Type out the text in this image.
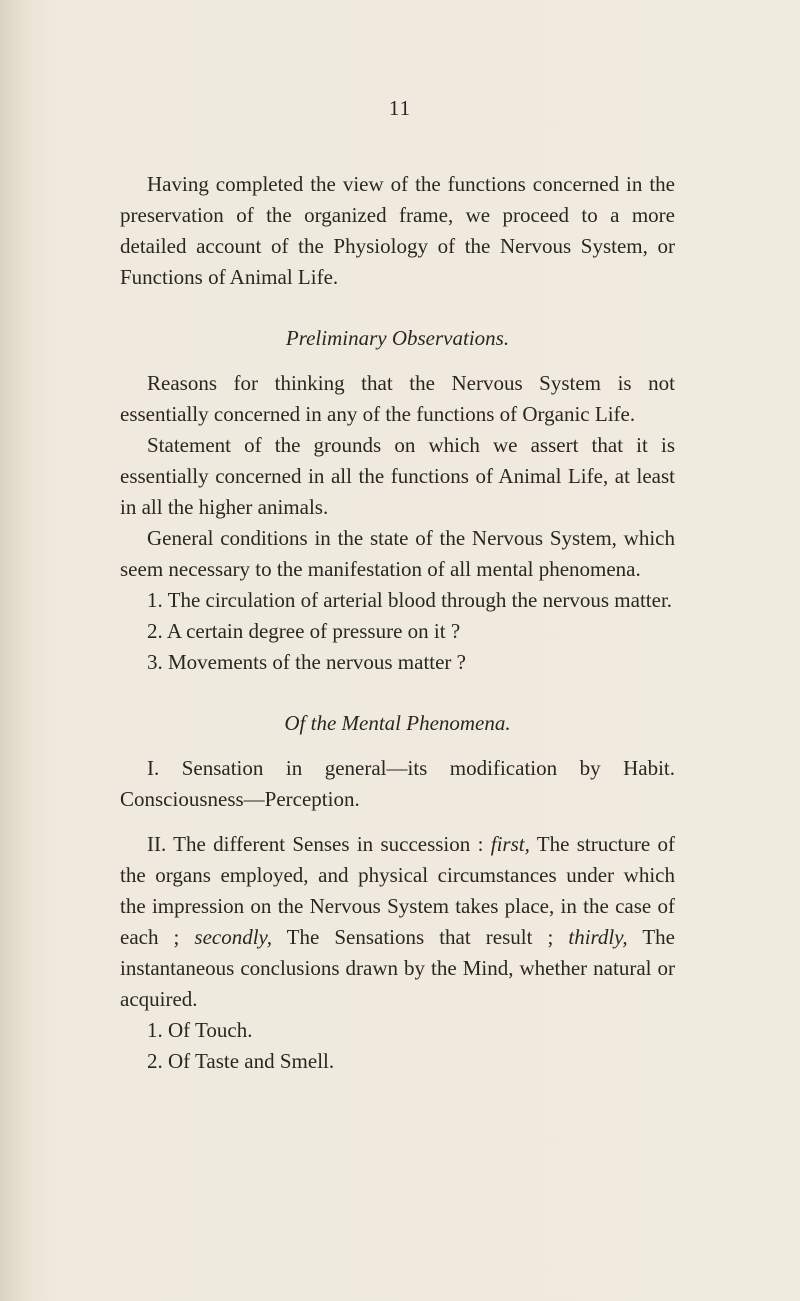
11

Having completed the view of the functions concerned in the preservation of the organized frame, we proceed to a more detailed account of the Physiology of the Nervous System, or Functions of Animal Life.

Preliminary Observations.

Reasons for thinking that the Nervous System is not essentially concerned in any of the functions of Organic Life.

Statement of the grounds on which we assert that it is essentially concerned in all the functions of Animal Life, at least in all the higher animals.

General conditions in the state of the Nervous System, which seem necessary to the manifestation of all mental phenomena.

1. The circulation of arterial blood through the nervous matter.

2. A certain degree of pressure on it ?

3. Movements of the nervous matter ?

Of the Mental Phenomena.

I. Sensation in general—its modification by Habit. Consciousness—Perception.

II. The different Senses in succession : first, The structure of the organs employed, and physical circumstances under which the impression on the Nervous System takes place, in the case of each ; secondly, The Sensations that result ; thirdly, The instantaneous conclusions drawn by the Mind, whether natural or acquired.

1. Of Touch.

2. Of Taste and Smell.
